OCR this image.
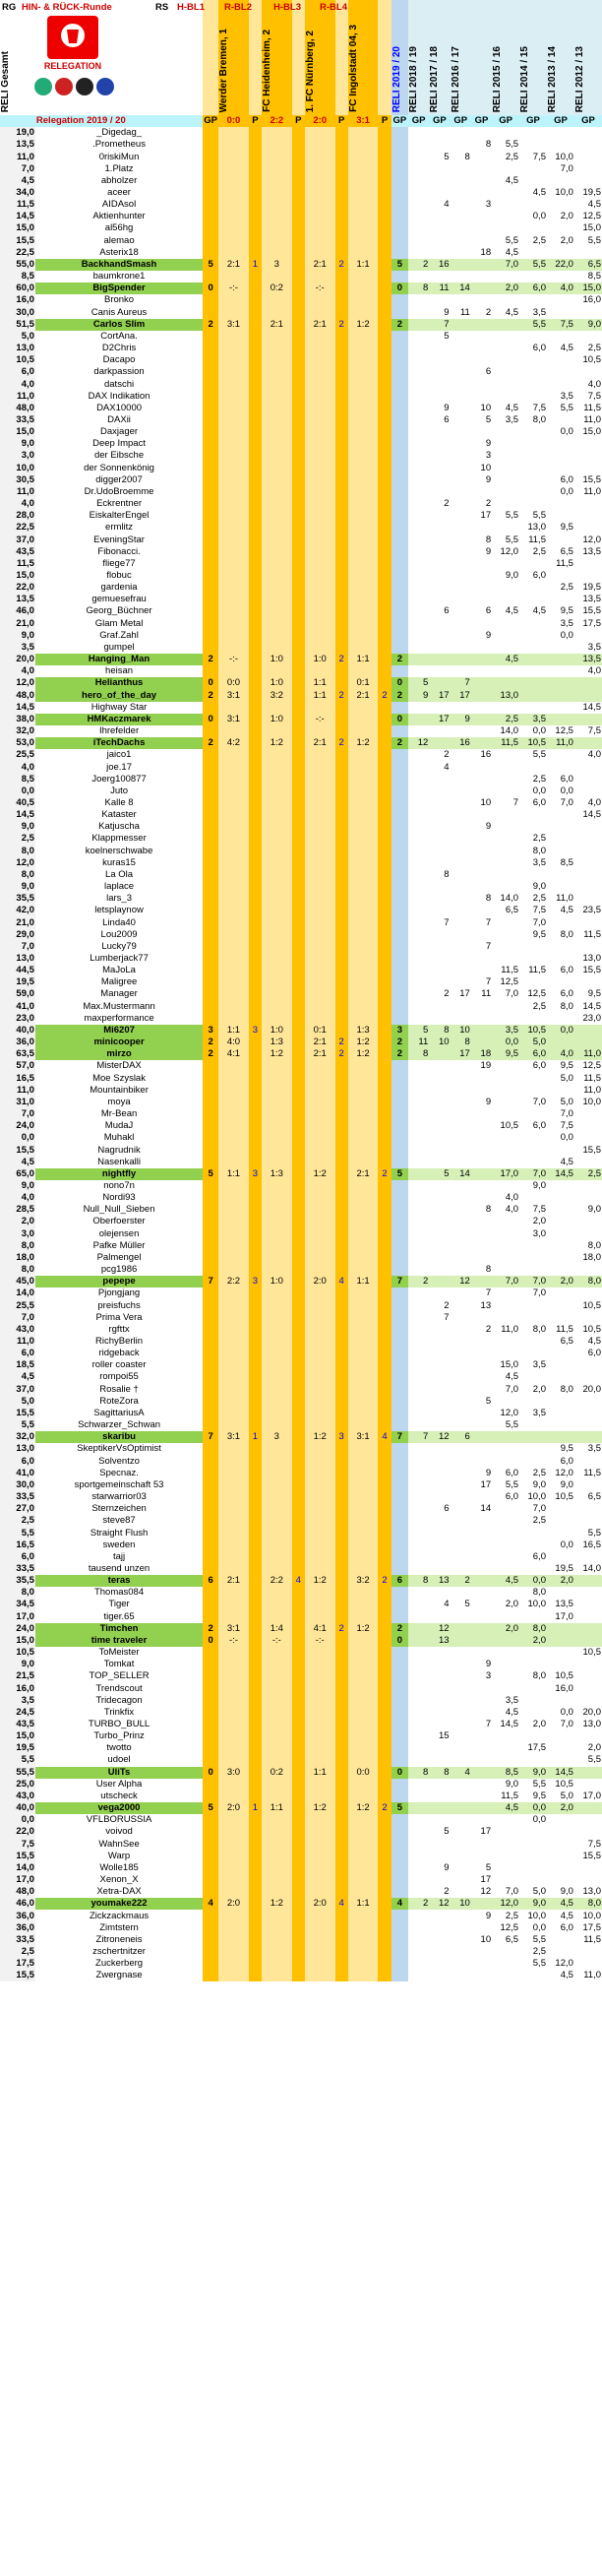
RELI Gesamt			Werder Bremen, 1		FC Heidenheim, 2		1. FC Nürnberg, 2		FC Ingolstadt 04, 3		RELI 2019 / 20	RELI 2018 / 19	RELI 2017 / 18	RELI 2016 / 17		RELI 2015 / 16	RELI 2014 / 15	RELI 2013 / 14	RELI 2012 / 13
HIN- & RÜCK-Runde
RG	RS H-BL1 R-BL2 H-BL3 R-BL4
RELEGATION
	Relegation 2019 / 20	GP	0:0	P	2:2	P	2:0	P	3:1	P	GP	GP	GP	GP	GP	GP	GP	GP	GP
19,0	_Digedag_																		
13,5	.Prometheus														8	5,5			
11,0	0riskiMun												5	8		2,5	7,5	10,0	
7,0	1.Platz																	7,0	
4,5	abholzer															4,5			
34,0	aceer																4,5	10,0	19,5
11,5	AIDAsol												4		3				4,5
14,5	Aktienhunter																0,0	2,0	12,5
15,0	al56hg																		15,0
15,5	alemao															5,5	2,5	2,0	5,5
22,5	Asterix18														18	4,5			
55,0	BackhandSmash	5	2:1	1	3		2:1	2	1:1		5	2	16			7,0	5,5	22,0	6,5
8,5	baumkrone1																		8,5
60,0	BigSpender	0	-:-		0:2		-:-				0	8	11	14		2,0	6,0	4,0	15,0
16,0	Bronko																		16,0
30,0	Canis Aureus												9	11	2	4,5	3,5		
51,5	Carlos Slim	2	3:1		2:1		2:1	2	1:2		2		7				5,5	7,5	9,0
5,0	CortAna.												5						
13,0	D2Chris																6,0	4,5	2,5
10,5	Dacapo																		10,5
6,0	darkpassion														6				
4,0	datschi																		4,0
11,0	DAX Indikation																	3,5	7,5
48,0	DAX10000												9		10	4,5	7,5	5,5	11,5
33,5	DAXii												6		5	3,5	8,0		11,0
15,0	Daxjager																	0,0	15,0
9,0	Deep Impact														9				
3,0	der Eibsche														3				
10,0	der Sonnenkönig														10				
30,5	digger2007														9			6,0	15,5
11,0	Dr.UdoBroemme																	0,0	11,0
4,0	Eckrentner												2		2				
28,0	EiskalterEngel														17	5,5	5,5		
22,5	ermlitz																13,0	9,5	
37,0	EveningStar														8	5,5	11,5		12,0
43,5	Fibonacci.														9	12,0	2,5	6,5	13,5
11,5	fliege77																	11,5	
15,0	flobuc															9,0	6,0		
22,0	gardenia																	2,5	19,5
13,5	gemuesefrau																		13,5
46,0	Georg_Büchner												6		6	4,5	4,5	9,5	15,5
21,0	Glam Metal																	3,5	17,5
9,0	Graf.Zahl														9			0,0	
3,5	gumpel																		3,5
20,0	Hanging_Man	2	-:-		1:0		1:0	2	1:1		2					4,5			13,5
4,0	heisan																		4,0
12,0	Helianthus	0	0:0		1:0		1:1		0:1		0	5		7					
48,0	hero_of_the_day	2	3:1		3:2		1:1	2	2:1	2	2	9	17	17		13,0			
14,5	Highway Star																		14,5
38,0	HMKaczmarek	0	3:1		1:0		-:-				0		17	9		2,5	3,5		
32,0	Ihrefelder															14,0	0,0	12,5	7,5
53,0	iTechDachs	2	4:2		1:2		2:1	2	1:2		2	12		16		11,5	10,5	11,0	
25,5	jaico1												2		16		5,5		4,0
4,0	joe.17												4						
8,5	Joerg100877																2,5	6,0	
0,0	Juto																0,0	0,0	
40,5	Kalle 8														10	7	6,0	7,0	4,0
14,5	Kataster																		14,5
9,0	Katjuscha														9				
2,5	Klappmesser																2,5		
8,0	koelnerschwabe																8,0		
12,0	kuras15																3,5	8,5	
8,0	La Ola												8						
9,0	laplace																9,0		
35,5	lars_3														8	14,0	2,5	11,0	
42,0	letsplaynow															6,5	7,5	4,5	23,5
21,0	Linda40												7		7		7,0		
29,0	Lou2009																9,5	8,0	11,5
7,0	Lucky79														7				
13,0	Lumberjack77																		13,0
44,5	MaJoLa															11,5	11,5	6,0	15,5
19,5	Maligree														7	12,5			
59,0	Manager												2	17	11	7,0	12,5	6,0	9,5
41,0	Max.Mustermann																2,5	8,0	14,5
23,0	maxperformance																		23,0
40,0	Mi6207	3	1:1	3	1:0		0:1		1:3		3	5	8	10		3,5	10,5	0,0	
36,0	minicooper	2	4:0		1:3		2:1	2	1:2		2	11	10	8		0,0	5,0		
63,5	mirzo	2	4:1		1:2		2:1	2	1:2		2	8		17	18	9,5	6,0	4,0	11,0
57,0	MisterDAX														19		6,0	9,5	12,5
16,5	Moe Szyslak																	5,0	11,5
11,0	Mountainbiker																		11,0
31,0	moya														9		7,0	5,0	10,0
7,0	Mr-Bean																	7,0	
24,0	MudaJ															10,5	6,0	7,5	
0,0	Muhakl																	0,0	
15,5	Nagrudnik																		15,5
4,5	Nasenkalli																	4,5	
65,0	nightfly	5	1:1	3	1:3		1:2		2:1	2	5		5	14		17,0	7,0	14,5	2,5
9,0	nono7n																9,0		
4,0	Nordi93															4,0			
28,5	Null_Null_Sieben														8	4,0	7,5		9,0
2,0	Oberfoerster																2,0		
3,0	olejensen																3,0		
8,0	Pafke Müller																		8,0
18,0	Palmengel																		18,0
8,0	pcg1986														8				
45,0	pepepe	7	2:2	3	1:0		2:0	4	1:1		7	2		12		7,0	7,0	2,0	8,0
14,0	Pjongjang														7		7,0		
25,5	preisfuchs												2		13				10,5
7,0	Prima Vera												7						
43,0	rgfttx														2	11,0	8,0	11,5	10,5
11,0	RichyBerlin																	6,5	4,5
6,0	ridgeback																		6,0
18,5	roller coaster															15,0	3,5		
4,5	rompoi55															4,5			
37,0	Rosalie †															7,0	2,0	8,0	20,0
5,0	RoteZora														5				
15,5	SagittariusA															12,0	3,5		
5,5	Schwarzer_Schwan															5,5			
32,0	skaribu	7	3:1	1	3		1:2	3	3:1	4	7	7	12	6					
13,0	SkeptikerVsOptimist																	9,5	3,5
6,0	Solventzo																	6,0	
41,0	Specnaz.														9	6,0	2,5	12,0	11,5
30,0	sportgemeinschaft 53														17	5,5	9,0	9,0	
33,5	starwarrior03															6,0	10,0	10,5	6,5
27,0	Sternzeichen												6		14		7,0		
2,5	steve87																2,5		
5,5	Straight Flush																		5,5
16,5	sweden																	0,0	16,5
6,0	tajj																6,0		
33,5	tausend unzen																	19,5	14,0
35,5	teras	6	2:1		2:2	4	1:2		3:2	2	6	8	13	2		4,5	0,0	2,0	
8,0	Thomas084																8,0		
34,5	Tiger												4	5		2,0	10,0	13,5	
17,0	tiger.65																	17,0	
24,0	Timchen	2	3:1		1:4		4:1	2	1:2		2		12			2,0	8,0		
15,0	time traveler	0	-:-		-:-		-:-				0		13				2,0		
10,5	ToMeister																		10,5
9,0	Tomkat														9				
21,5	TOP_SELLER														3		8,0	10,5	
16,0	Trendscout																	16,0	
3,5	Tridecagon															3,5			
24,5	Trinkfix															4,5		0,0	20,0
43,5	TURBO_BULL														7	14,5	2,0	7,0	13,0
15,0	Turbo_Prinz												15						
19,5	twotto																17,5		2,0
5,5	udoel																		5,5
55,5	UliTs	0	3:0		0:2		1:1		0:0		0	8	8	4		8,5	9,0	14,5	
25,0	User Alpha															9,0	5,5	10,5	
43,0	utscheck															11,5	9,5	5,0	17,0
40,0	vega2000	5	2:0	1	1:1		1:2		1:2	2	5					4,5	0,0	2,0	
0,0	VFLBORUSSIA																0,0		
22,0	voivod												5		17				
7,5	WahnSee																		7,5
15,5	Warp																		15,5
14,0	Wolle185												9		5				
17,0	Xenon_X														17				
48,0	Xetra-DAX												2		12	7,0	5,0	9,0	13,0
46,0	youmake222	4	2:0		1:2		2:0	4	1:1		4	2	12	10		12,0	9,0	4,5	8,0
36,0	Zickzackmaus														9	2,5	10,0	4,5	10,0
36,0	Zimtstern															12,5	0,0	6,0	17,5
33,5	Zitroneneis														10	6,5	5,5		11,5
2,5	zschertnitzer																2,5		
17,5	Zuckerberg																5,5	12,0	
15,5	Zwergnase																	4,5	11,0
